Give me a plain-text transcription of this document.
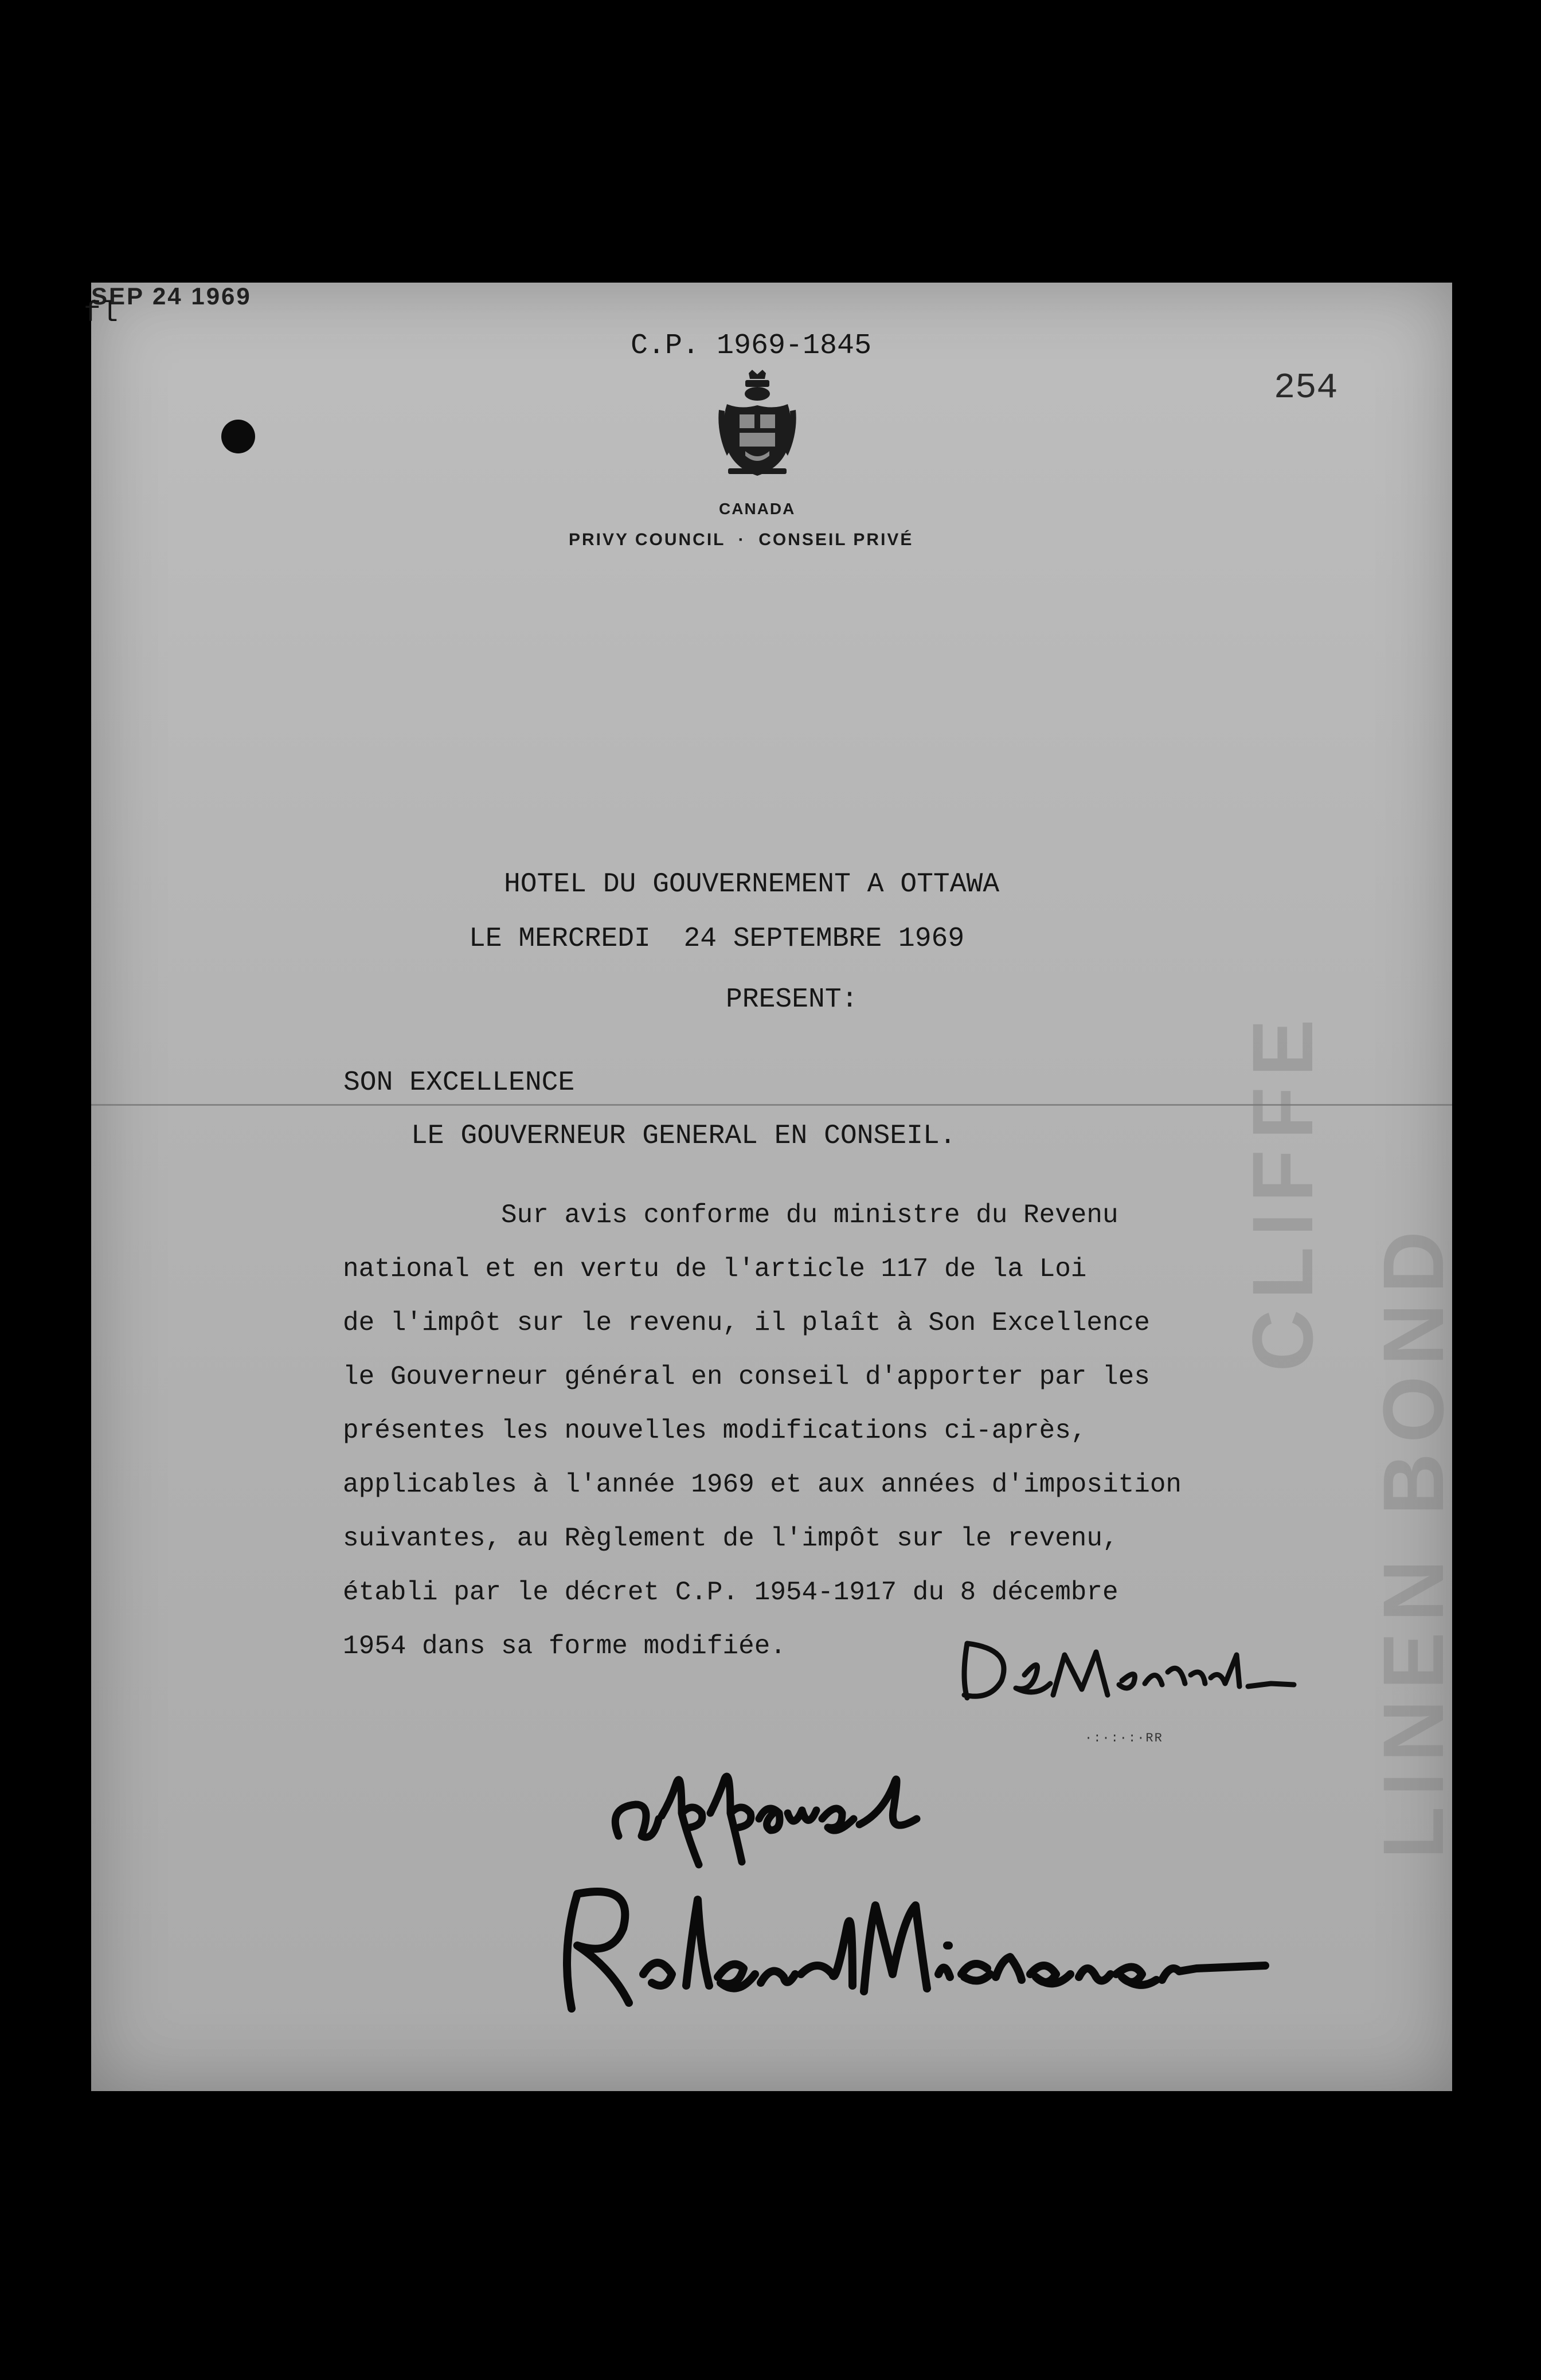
CLIFFE
LINEN BOND
fl
C.P. 1969-1845
254
CANADA
PRIVY COUNCIL  ·  CONSEIL PRIVÉ
HOTEL DU GOUVERNEMENT A OTTAWA
LE MERCREDI  24 SEPTEMBRE 1969
PRESENT:
SON EXCELLENCE
LE GOUVERNEUR GENERAL EN CONSEIL.
Sur avis conforme du ministre du Revenu
national et en vertu de l'article 117 de la Loi
de l'impôt sur le revenu, il plaît à Son Excellence
le Gouverneur général en conseil d'apporter par les
présentes les nouvelles modifications ci-après,
applicables à l'année 1969 et aux années d'imposition
suivantes, au Règlement de l'impôt sur le revenu,
établi par le décret C.P. 1954-1917 du 8 décembre
1954 dans sa forme modifiée.
·:·:·:·RR
SEP 24 1969
